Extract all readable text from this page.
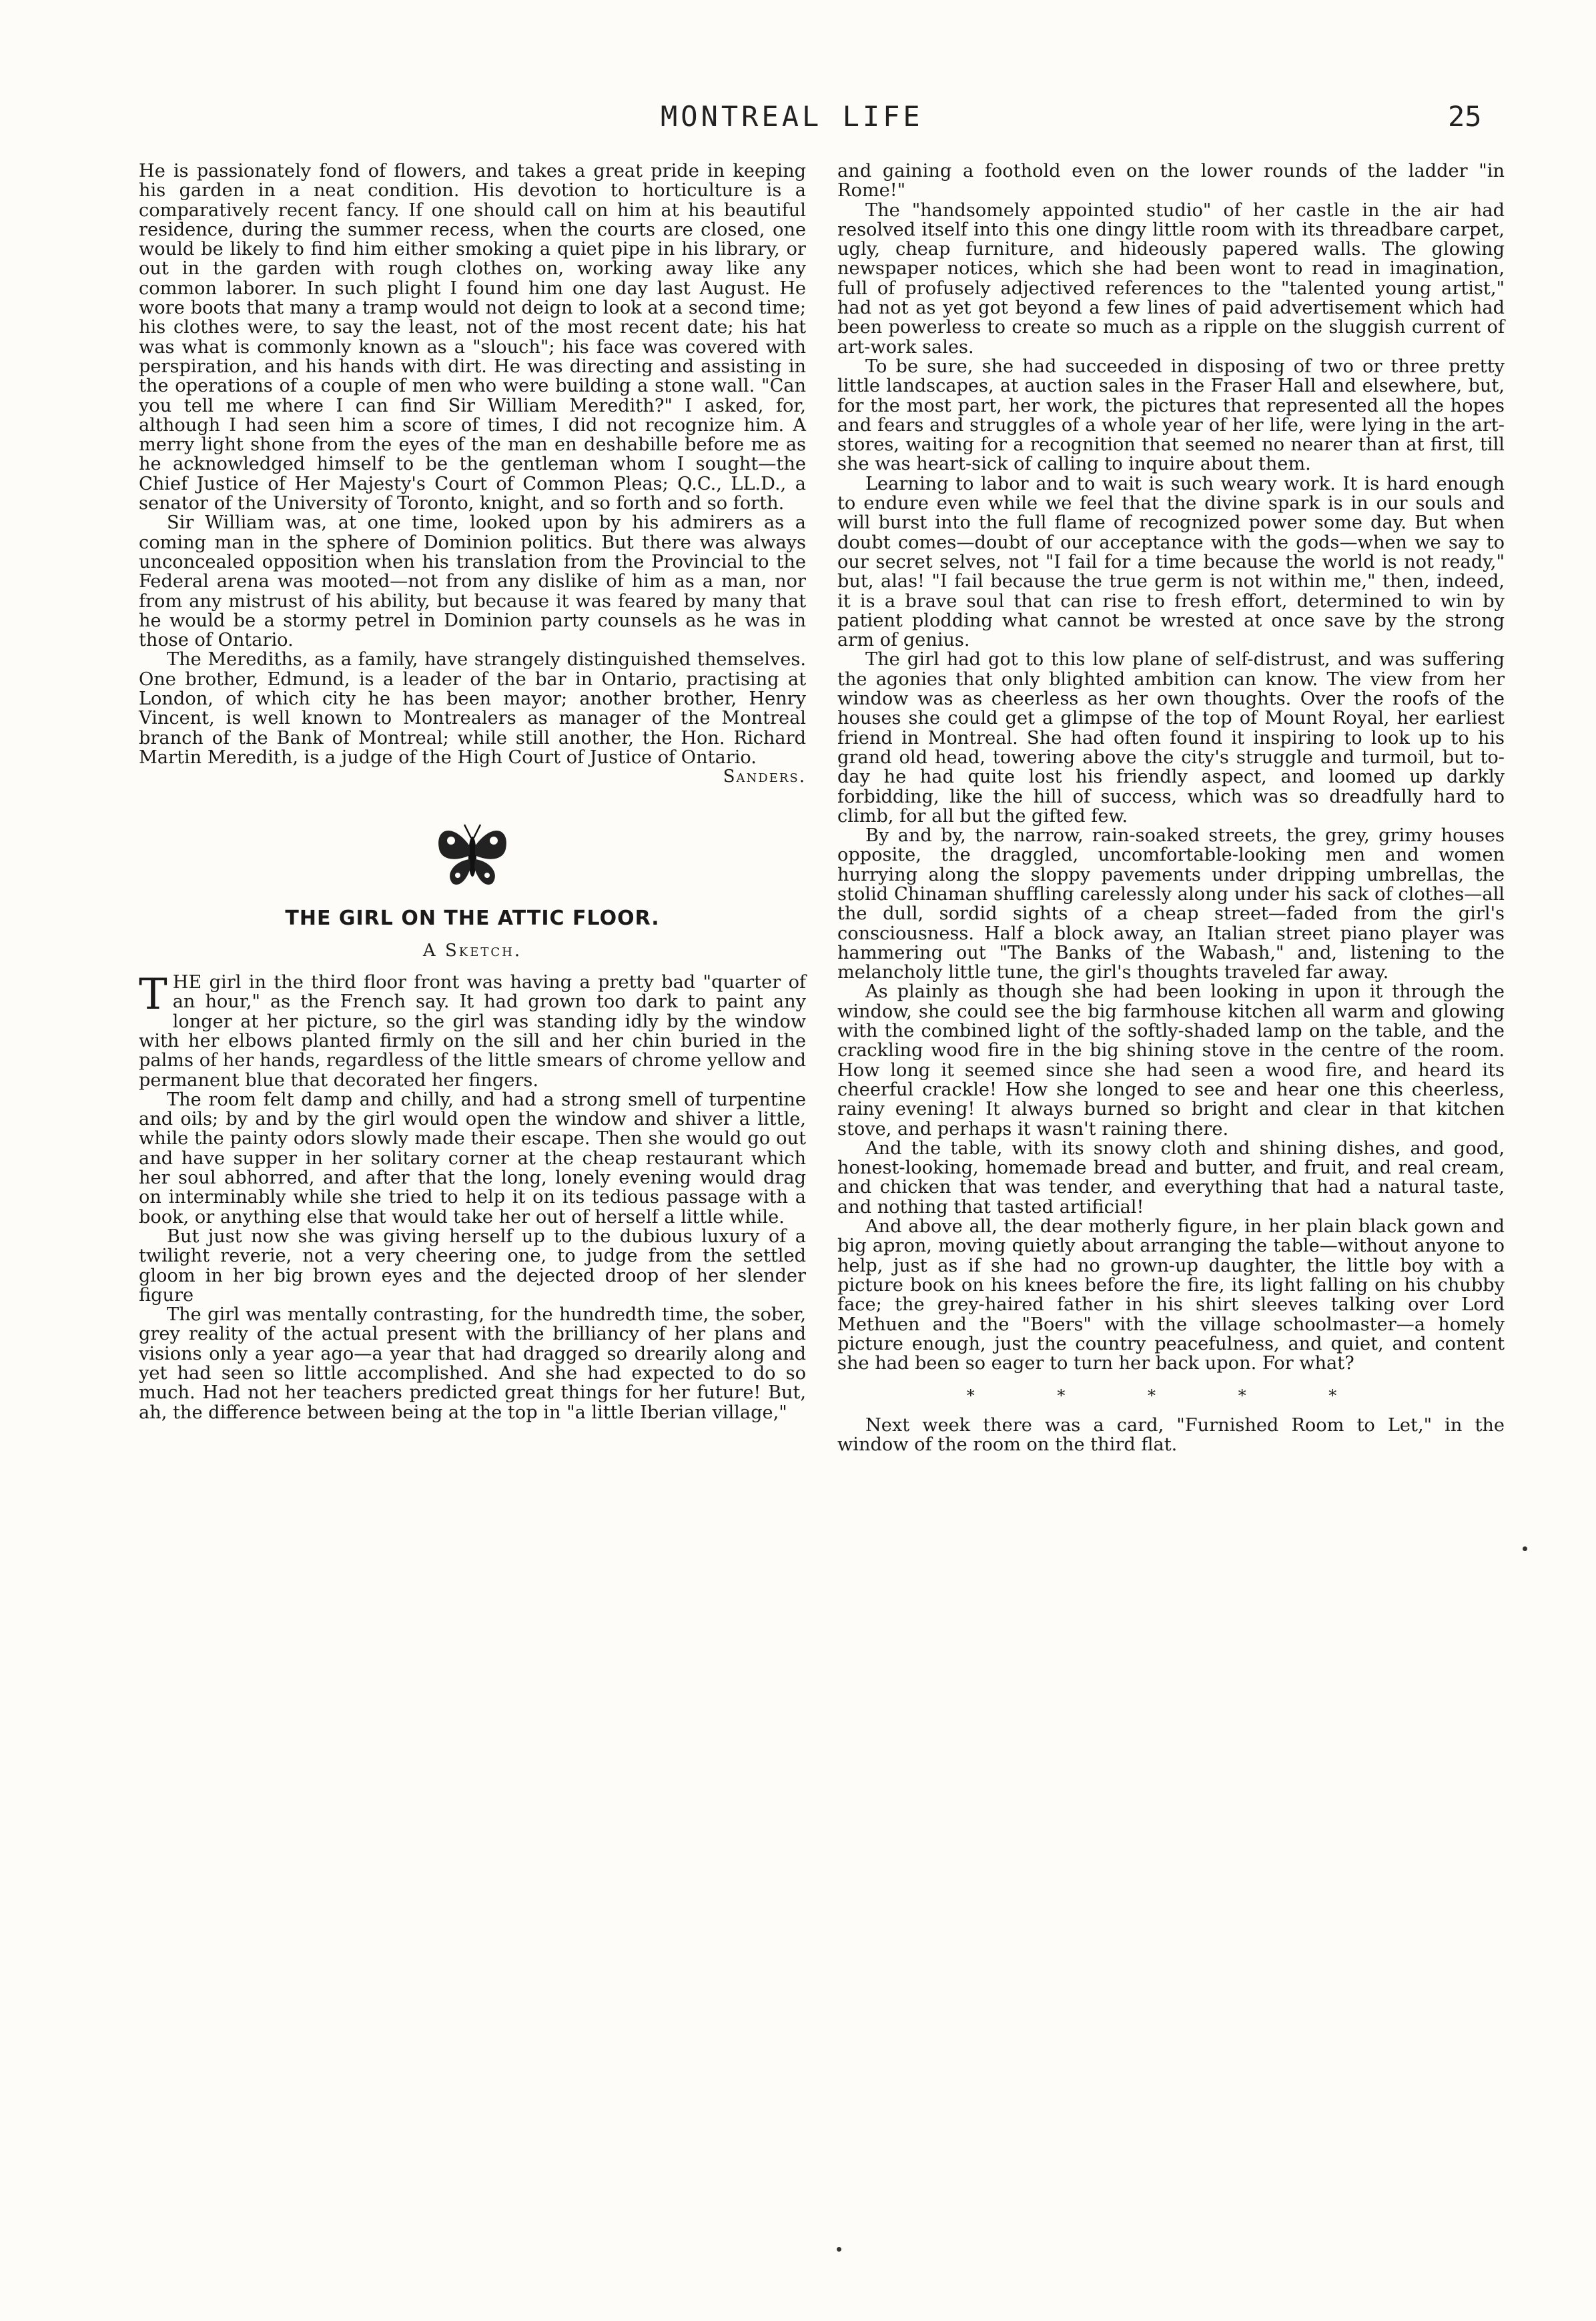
MONTREAL LIFE	25

He is passionately fond of flowers, and takes a great pride in keeping his garden in a neat condition. His devotion to horticulture is a comparatively recent fancy. If one should call on him at his beautiful residence, during the summer recess, when the courts are closed, one would be likely to find him either smoking a quiet pipe in his library, or out in the garden with rough clothes on, working away like any common laborer. In such plight I found him one day last August. He wore boots that many a tramp would not deign to look at a second time; his clothes were, to say the least, not of the most recent date; his hat was what is commonly known as a "slouch"; his face was covered with perspiration, and his hands with dirt. He was directing and assisting in the operations of a couple of men who were building a stone wall. "Can you tell me where I can find Sir William Meredith?" I asked, for, although I had seen him a score of times, I did not recognize him. A merry light shone from the eyes of the man en deshabille before me as he acknowledged himself to be the gentleman whom I sought—the Chief Justice of Her Majesty's Court of Common Pleas; Q.C., LL.D., a senator of the University of Toronto, knight, and so forth and so forth.

Sir William was, at one time, looked upon by his admirers as a coming man in the sphere of Dominion politics. But there was always unconcealed opposition when his translation from the Provincial to the Federal arena was mooted—not from any dislike of him as a man, nor from any mistrust of his ability, but because it was feared by many that he would be a stormy petrel in Dominion party counsels as he was in those of Ontario.

The Merediths, as a family, have strangely distinguished themselves. One brother, Edmund, is a leader of the bar in Ontario, practising at London, of which city he has been mayor; another brother, Henry Vincent, is well known to Montrealers as manager of the Montreal branch of the Bank of Montreal; while still another, the Hon. Richard Martin Meredith, is a judge of the High Court of Justice of Ontario.

Sanders.

THE GIRL ON THE ATTIC FLOOR.
A Sketch.

THE girl in the third floor front was having a pretty bad "quarter of an hour," as the French say. It had grown too dark to paint any longer at her picture, so the girl was standing idly by the window with her elbows planted firmly on the sill and her chin buried in the palms of her hands, regardless of the little smears of chrome yellow and permanent blue that decorated her fingers.

The room felt damp and chilly, and had a strong smell of turpentine and oils; by and by the girl would open the window and shiver a little, while the painty odors slowly made their escape. Then she would go out and have supper in her solitary corner at the cheap restaurant which her soul abhorred, and after that the long, lonely evening would drag on interminably while she tried to help it on its tedious passage with a book, or anything else that would take her out of herself a little while.

But just now she was giving herself up to the dubious luxury of a twilight reverie, not a very cheering one, to judge from the settled gloom in her big brown eyes and the dejected droop of her slender figure

The girl was mentally contrasting, for the hundredth time, the sober, grey reality of the actual present with the brilliancy of her plans and visions only a year ago—a year that had dragged so drearily along and yet had seen so little accomplished. And she had expected to do so much. Had not her teachers predicted great things for her future! But, ah, the difference between being at the top in "a little Iberian village,"

and gaining a foothold even on the lower rounds of the ladder "in Rome!"

The "handsomely appointed studio" of her castle in the air had resolved itself into this one dingy little room with its threadbare carpet, ugly, cheap furniture, and hideously papered walls. The glowing newspaper notices, which she had been wont to read in imagination, full of profusely adjectived references to the "talented young artist," had not as yet got beyond a few lines of paid advertisement which had been powerless to create so much as a ripple on the sluggish current of art-work sales.

To be sure, she had succeeded in disposing of two or three pretty little landscapes, at auction sales in the Fraser Hall and elsewhere, but, for the most part, her work, the pictures that represented all the hopes and fears and struggles of a whole year of her life, were lying in the art-stores, waiting for a recognition that seemed no nearer than at first, till she was heart-sick of calling to inquire about them.

Learning to labor and to wait is such weary work. It is hard enough to endure even while we feel that the divine spark is in our souls and will burst into the full flame of recognized power some day. But when doubt comes—doubt of our acceptance with the gods—when we say to our secret selves, not "I fail for a time because the world is not ready," but, alas! "I fail because the true germ is not within me," then, indeed, it is a brave soul that can rise to fresh effort, determined to win by patient plodding what cannot be wrested at once save by the strong arm of genius.

The girl had got to this low plane of self-distrust, and was suffering the agonies that only blighted ambition can know. The view from her window was as cheerless as her own thoughts. Over the roofs of the houses she could get a glimpse of the top of Mount Royal, her earliest friend in Montreal. She had often found it inspiring to look up to his grand old head, towering above the city's struggle and turmoil, but to-day he had quite lost his friendly aspect, and loomed up darkly forbidding, like the hill of success, which was so dreadfully hard to climb, for all but the gifted few.

By and by, the narrow, rain-soaked streets, the grey, grimy houses opposite, the draggled, uncomfortable-looking men and women hurrying along the sloppy pavements under dripping umbrellas, the stolid Chinaman shuffling carelessly along under his sack of clothes—all the dull, sordid sights of a cheap street—faded from the girl's consciousness. Half a block away, an Italian street piano player was hammering out "The Banks of the Wabash," and, listening to the melancholy little tune, the girl's thoughts traveled far away.

As plainly as though she had been looking in upon it through the window, she could see the big farmhouse kitchen all warm and glowing with the combined light of the softly-shaded lamp on the table, and the crackling wood fire in the big shining stove in the centre of the room. How long it seemed since she had seen a wood fire, and heard its cheerful crackle! How she longed to see and hear one this cheerless, rainy evening! It always burned so bright and clear in that kitchen stove, and perhaps it wasn't raining there.

And the table, with its snowy cloth and shining dishes, and good, honest-looking, homemade bread and butter, and fruit, and real cream, and chicken that was tender, and everything that had a natural taste, and nothing that tasted artificial!

And above all, the dear motherly figure, in her plain black gown and big apron, moving quietly about arranging the table—without anyone to help, just as if she had no grown-up daughter, the little boy with a picture book on his knees before the fire, its light falling on his chubby face; the grey-haired father in his shirt sleeves talking over Lord Methuen and the "Boers" with the village schoolmaster—a homely picture enough, just the country peacefulness, and quiet, and content she had been so eager to turn her back upon. For what?

* * * * *

Next week there was a card, "Furnished Room to Let," in the window of the room on the third flat.
